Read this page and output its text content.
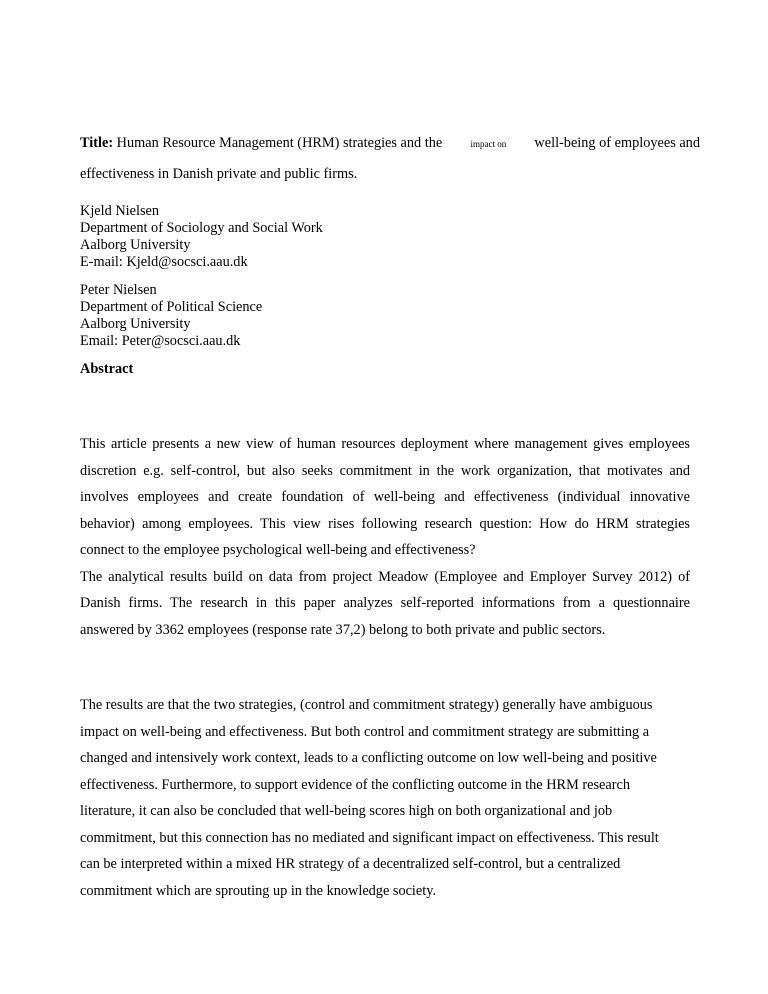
Title: Human Resource Management (HRM) strategies and the	impact on well-being of employees and
effectiveness in Danish private and public firms.
Kjeld Nielsen
Department of Sociology and Social Work
Aalborg University
E-mail: Kjeld@socsci.aau.dk
Peter Nielsen
Department of Political Science
Aalborg University
Email: Peter@socsci.aau.dk
Abstract
This article presents a new view of human resources deployment where management gives employees
discretion e.g. self-control, but also seeks commitment in the work organization, that motivates and
involves employees and create foundation of well-being and effectiveness (individual innovative
behavior) among employees. This view rises following research question: How do HRM strategies
connect to the employee psychological well-being and effectiveness?
The analytical results build on data from project Meadow (Employee and Employer Survey 2012) of
Danish firms. The research in this paper analyzes self-reported informations from a questionnaire
answered by 3362 employees (response rate 37,2) belong to both private and public sectors.
The results are that the two strategies, (control and commitment strategy) generally have ambiguous
impact on well-being and effectiveness. But both control and commitment strategy are submitting a
changed and intensively work context, leads to a conflicting outcome on low well-being and positive
effectiveness. Furthermore, to support evidence of the conflicting outcome in the HRM research
literature, it can also be concluded that well-being scores high on both organizational and job
commitment, but this connection has no mediated and significant impact on effectiveness. This result
can be interpreted within a mixed HR strategy of a decentralized self-control, but a centralized
commitment which are sprouting up in the knowledge society.
